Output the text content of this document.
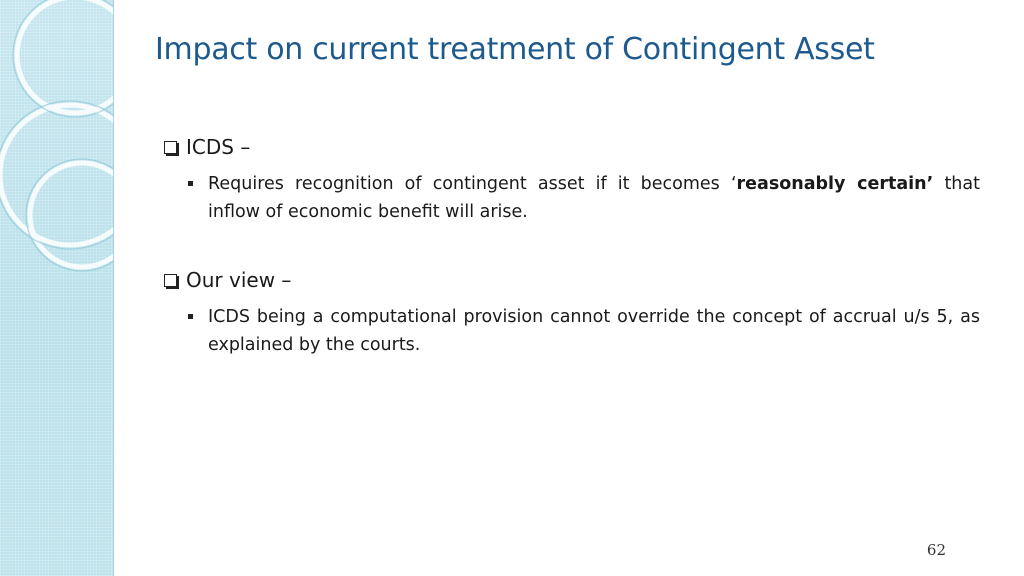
Impact on current treatment of Contingent Asset
ICDS –
Requires recognition of contingent asset if it becomes ‘reasonably certain’ that inflow of economic benefit will arise.
Our view –
ICDS being a computational provision cannot override the concept of accrual u/s 5, as explained by the courts.
62
